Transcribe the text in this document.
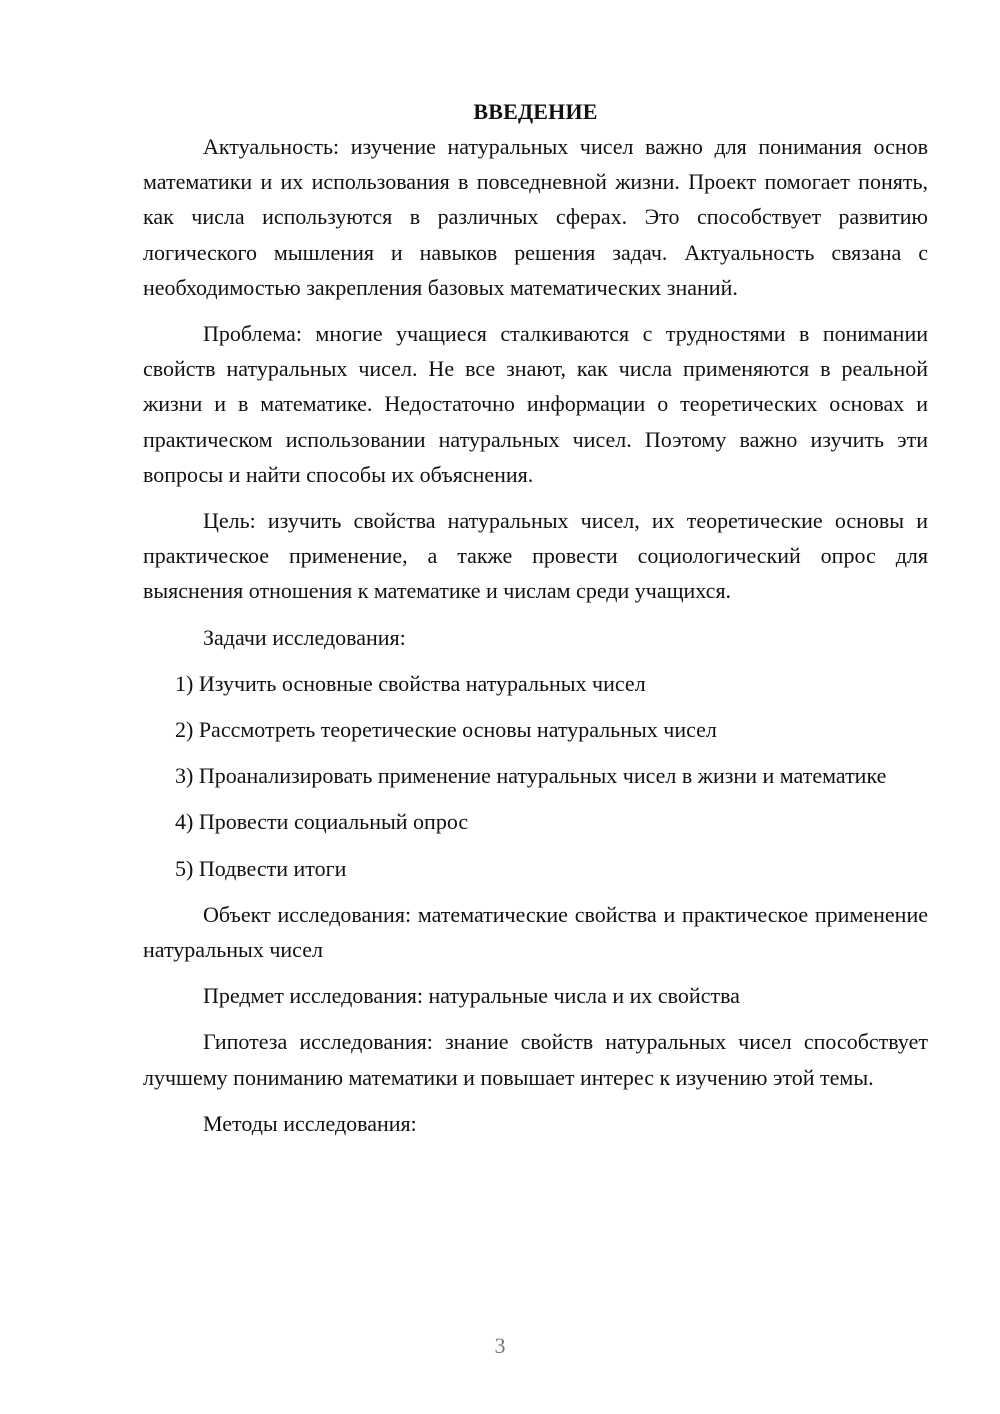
ВВЕДЕНИЕ

Актуальность: изучение натуральных чисел важно для понимания основ математики и их использования в повседневной жизни. Проект помогает понять, как числа используются в различных сферах. Это способствует развитию логического мышления и навыков решения задач. Актуальность связана с необходимостью закрепления базовых математических знаний.

Проблема: многие учащиеся сталкиваются с трудностями в понимании свойств натуральных чисел. Не все знают, как числа применяются в реальной жизни и в математике. Недостаточно информации о теоретических основах и практическом использовании натуральных чисел. Поэтому важно изучить эти вопросы и найти способы их объяснения.

Цель: изучить свойства натуральных чисел, их теоретические основы и практическое применение, а также провести социологический опрос для выяснения отношения к математике и числам среди учащихся.

Задачи исследования:

1) Изучить основные свойства натуральных чисел

2) Рассмотреть теоретические основы натуральных чисел

3) Проанализировать применение натуральных чисел в жизни и математике

4) Провести социальный опрос

5) Подвести итоги

Объект исследования: математические свойства и практическое применение натуральных чисел

Предмет исследования: натуральные числа и их свойства

Гипотеза исследования: знание свойств натуральных чисел способствует лучшему пониманию математики и повышает интерес к изучению этой темы.

Методы исследования:

3
